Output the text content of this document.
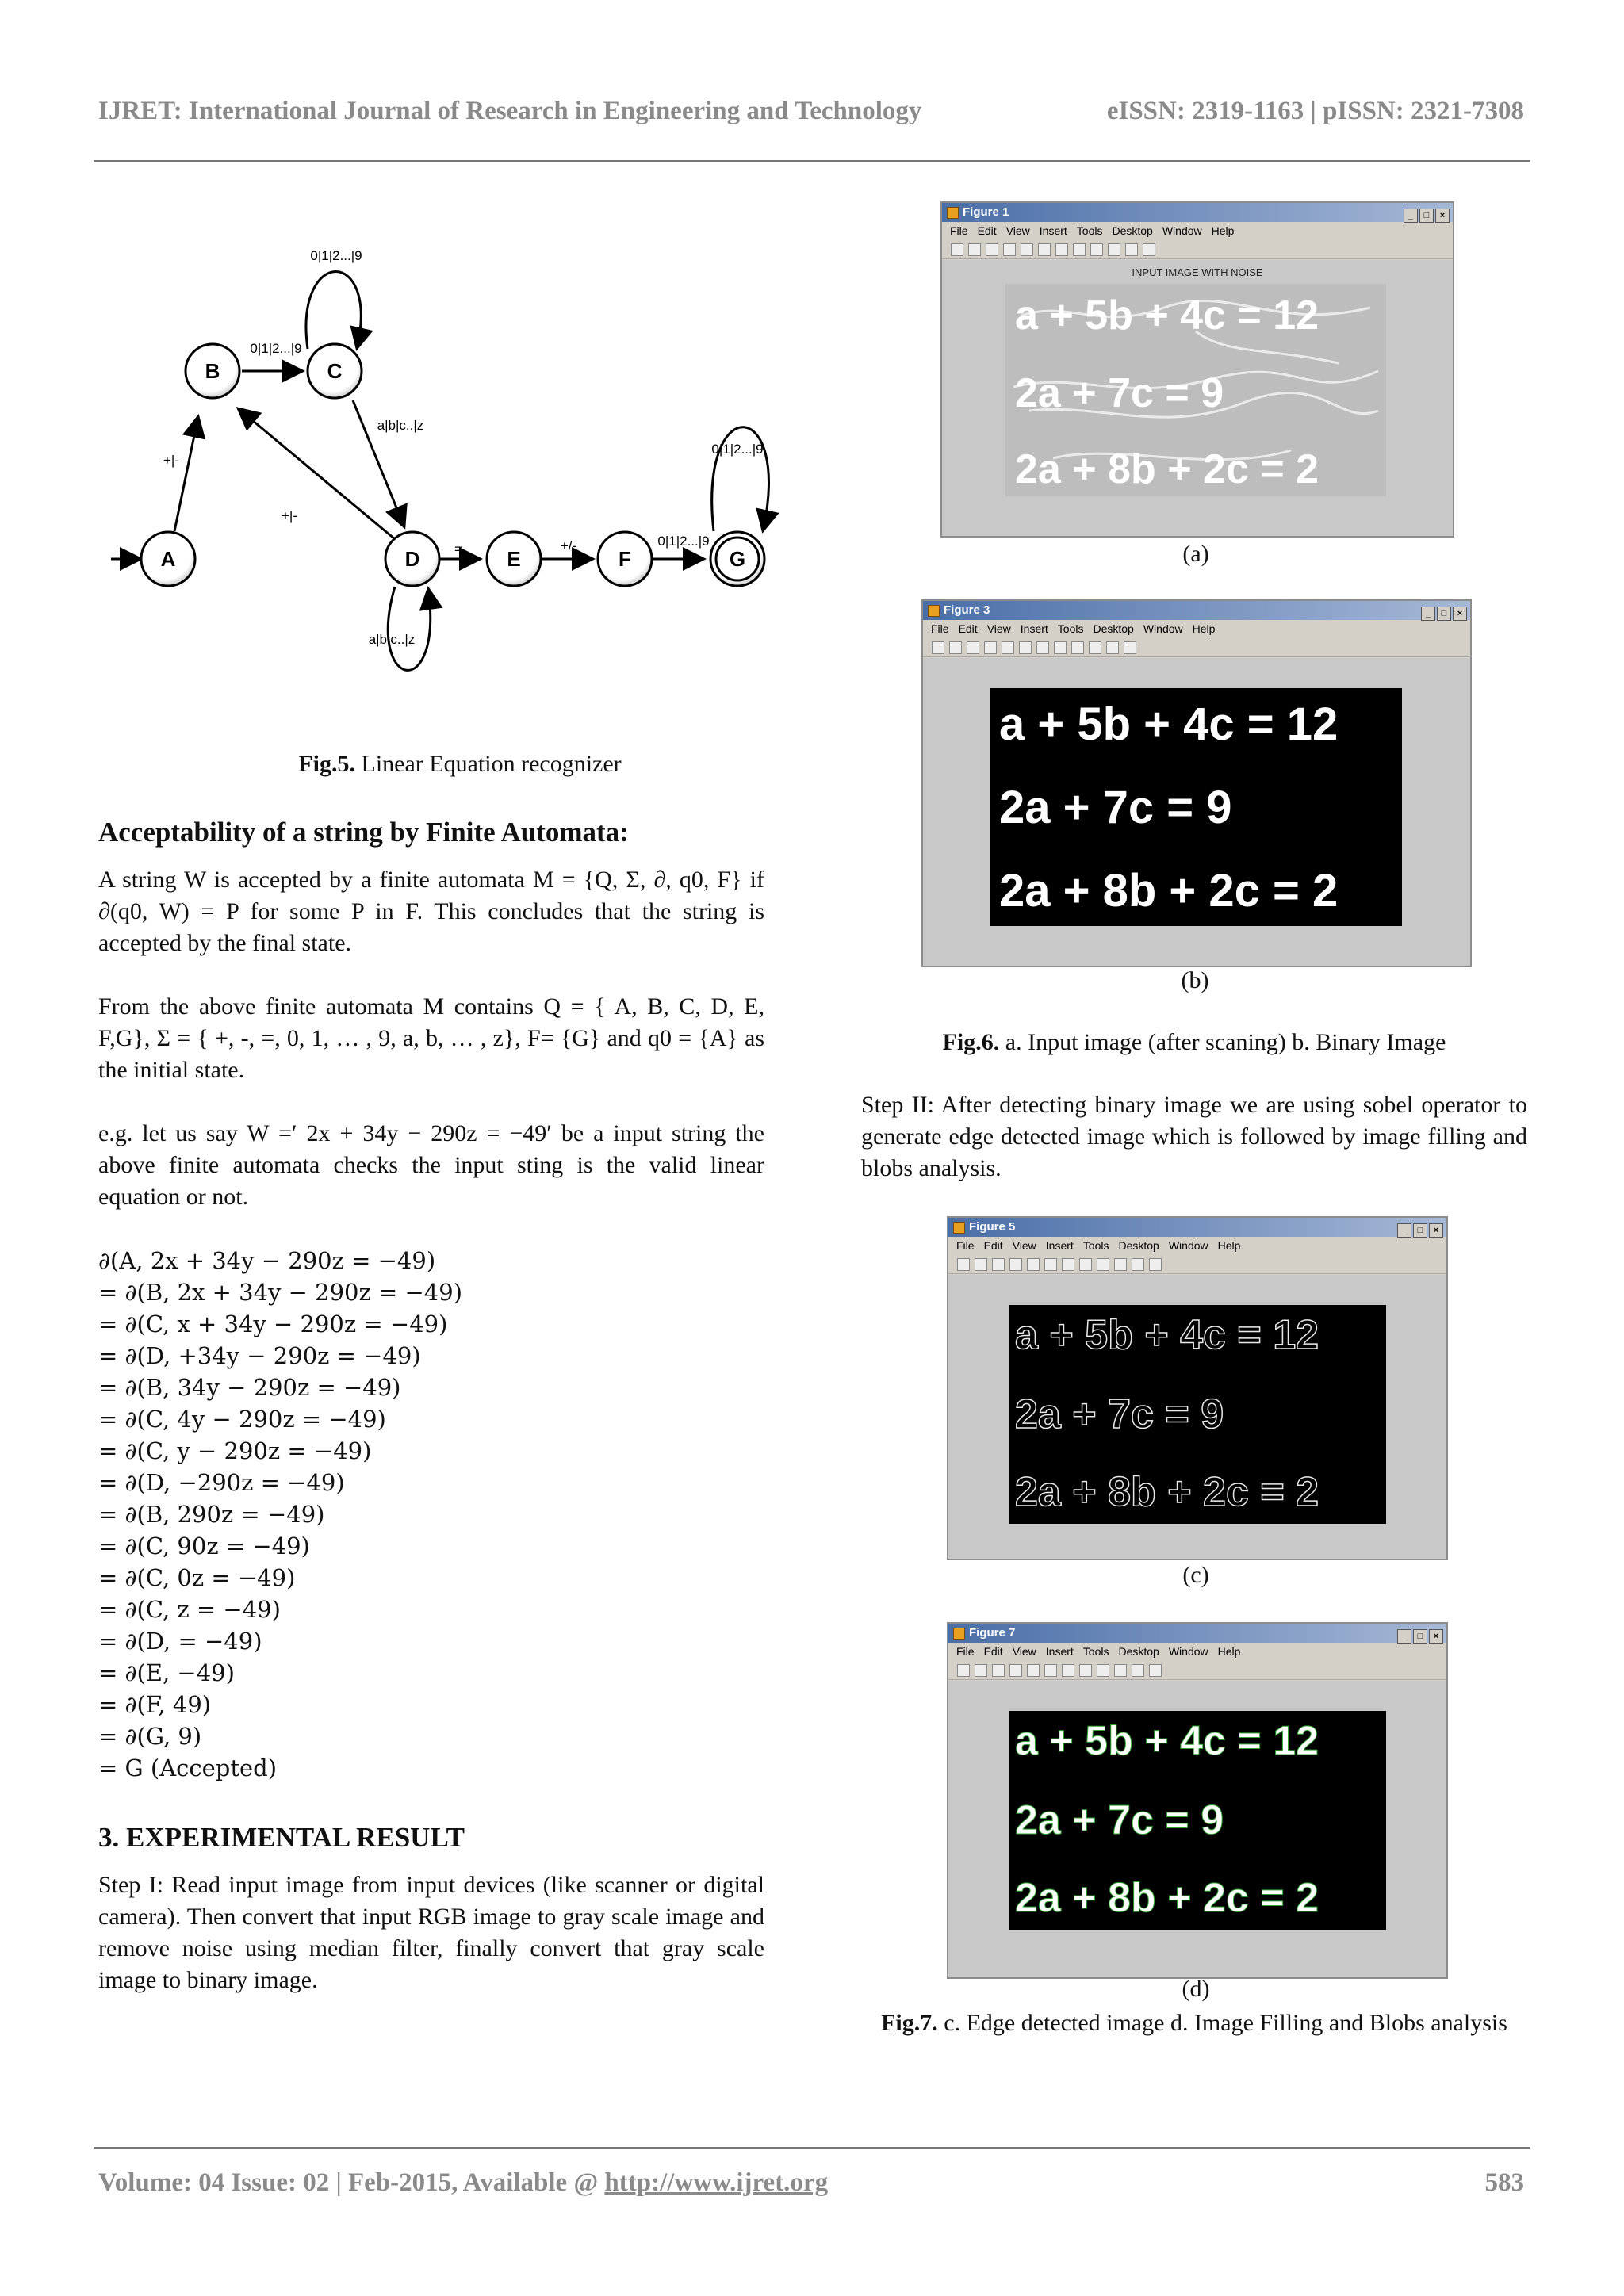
IJRET: International Journal of Research in Engineering and Technology	eISSN: 2319-1163 | pISSN: 2321-7308
A
B	C
D	E	F	G
+|-
0|1|2...|9
0|1|2...|9
a|b|c..|z
+|-
a|b|c..|z
=	+/-	0|1|2...|9
0|1|2...|9
Fig.5. Linear Equation recognizer
Acceptability of a string by Finite Automata:
A string W is accepted by a finite automata M = {Q, Σ, ∂, q0, F} if ∂(q0, W) = P for some P in F. This concludes that the string is accepted by the final state.
From the above finite automata M contains Q = { A, B, C, D, E, F,G}, Σ = { +, -, =, 0, 1, … , 9, a, b, … , z}, F= {G} and q0 = {A} as the initial state.
e.g. let us say W =′ 2x + 34y − 290z = −49′ be a input string the above finite automata checks the input sting is the valid linear equation or not.
∂(A, 2x + 34y − 290z = −49)
= ∂(B, 2x + 34y − 290z = −49)
= ∂(C, x + 34y − 290z = −49)
= ∂(D, +34y − 290z = −49)
= ∂(B, 34y − 290z = −49)
= ∂(C, 4y − 290z = −49)
= ∂(C, y − 290z = −49)
= ∂(D, −290z = −49)
= ∂(B, 290z = −49)
= ∂(C, 90z = −49)
= ∂(C, 0z = −49)
= ∂(C, z = −49)
= ∂(D, = −49)
= ∂(E, −49)
= ∂(F, 49)
= ∂(G, 9)
= G (Accepted)
3. EXPERIMENTAL RESULT
Step I: Read input image from input devices (like scanner or digital camera). Then convert that input RGB image to gray scale image and remove noise using median filter, finally convert that gray scale image to binary image.
Figure 1	_ □ ×
File Edit View Insert Tools Desktop Window Help
INPUT IMAGE WITH NOISE
a + 5b + 4c = 12
2a + 7c = 9
2a + 8b + 2c = 2
(a)
Figure 3	_ □ ×
File Edit View Insert Tools Desktop Window Help
a + 5b + 4c = 12
2a + 7c = 9
2a + 8b + 2c = 2
(b)
Fig.6. a. Input image (after scaning) b. Binary Image
Step II: After detecting binary image we are using sobel operator to generate edge detected image which is followed by image filling and blobs analysis.
Figure 5	_ □ ×
File Edit View Insert Tools Desktop Window Help
a + 5b + 4c = 12
2a + 7c = 9
2a + 8b + 2c = 2
(c)
Figure 7	_ □ ×
File Edit View Insert Tools Desktop Window Help
a + 5b + 4c = 12
2a + 7c = 9
2a + 8b + 2c = 2
(d)
Fig.7. c. Edge detected image d. Image Filling and Blobs analysis
Volume: 04 Issue: 02 | Feb-2015, Available @ http://www.ijret.org	583
